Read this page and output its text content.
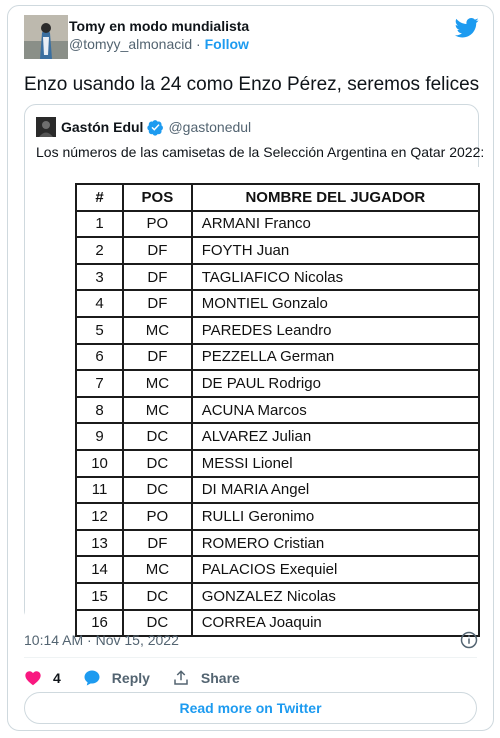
Tomy en modo mundialista
@tomyy_almonacid · Follow
Enzo usando la 24 como Enzo Pérez, seremos felices
Gastón Edul @gastonedul
Los números de las camisetas de la Selección Argentina en Qatar 2022:
#	POS	NOMBRE DEL JUGADOR
1	PO	ARMANI Franco
2	DF	FOYTH Juan
3	DF	TAGLIAFICO Nicolas
4	DF	MONTIEL Gonzalo
5	MC	PAREDES Leandro
6	DF	PEZZELLA German
7	MC	DE PAUL Rodrigo
8	MC	ACUNA Marcos
9	DC	ALVAREZ Julian
10	DC	MESSI Lionel
11	DC	DI MARIA Angel
12	PO	RULLI Geronimo
13	DF	ROMERO Cristian
14	MC	PALACIOS Exequiel
15	DC	GONZALEZ Nicolas
16	DC	CORREA Joaquin
10:14 AM · Nov 15, 2022
4	Reply	Share
Read more on Twitter
